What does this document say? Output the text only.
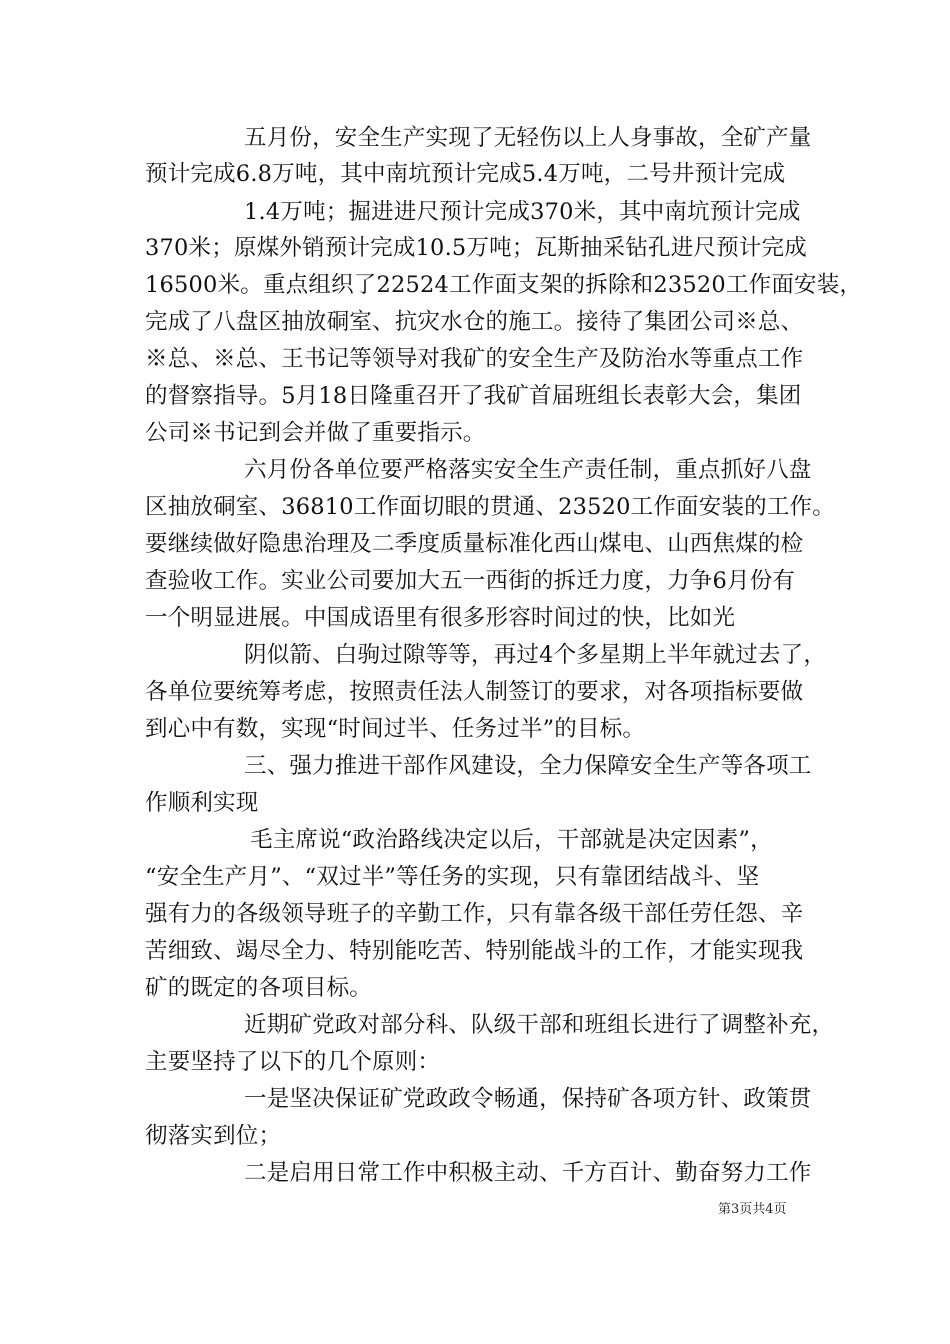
五月份，安全生产实现了无轻伤以上人身事故，全矿产量
预计完成6.8万吨，其中南坑预计完成5.4万吨，二号井预计完成
1.4万吨；掘进进尺预计完成370米，其中南坑预计完成
370米；原煤外销预计完成10.5万吨；瓦斯抽采钻孔进尺预计完成
16500米。重点组织了22524工作面支架的拆除和23520工作面安装，
完成了八盘区抽放硐室、抗灾水仓的施工。接待了集团公司※总、
※总、※总、王书记等领导对我矿的安全生产及防治水等重点工作
的督察指导。5月18日隆重召开了我矿首届班组长表彰大会，集团
公司※书记到会并做了重要指示。
六月份各单位要严格落实安全生产责任制，重点抓好八盘
区抽放硐室、36810工作面切眼的贯通、23520工作面安装的工作。
要继续做好隐患治理及二季度质量标准化西山煤电、山西焦煤的检
查验收工作。实业公司要加大五一西街的拆迁力度，力争6月份有
一个明显进展。中国成语里有很多形容时间过的快，比如光
阴似箭、白驹过隙等等，再过4个多星期上半年就过去了，
各单位要统筹考虑，按照责任法人制签订的要求，对各项指标要做
到心中有数，实现“时间过半、任务过半”的目标。
三、强力推进干部作风建设，全力保障安全生产等各项工
作顺利实现
毛主席说“政治路线决定以后，干部就是决定因素”，
“安全生产月”、“双过半”等任务的实现，只有靠团结战斗、坚
强有力的各级领导班子的辛勤工作，只有靠各级干部任劳任怨、辛
苦细致、竭尽全力、特别能吃苦、特别能战斗的工作，才能实现我
矿的既定的各项目标。
近期矿党政对部分科、队级干部和班组长进行了调整补充，
主要坚持了以下的几个原则：
一是坚决保证矿党政政令畅通，保持矿各项方针、政策贯
彻落实到位；
二是启用日常工作中积极主动、千方百计、勤奋努力工作
第3页共4页
